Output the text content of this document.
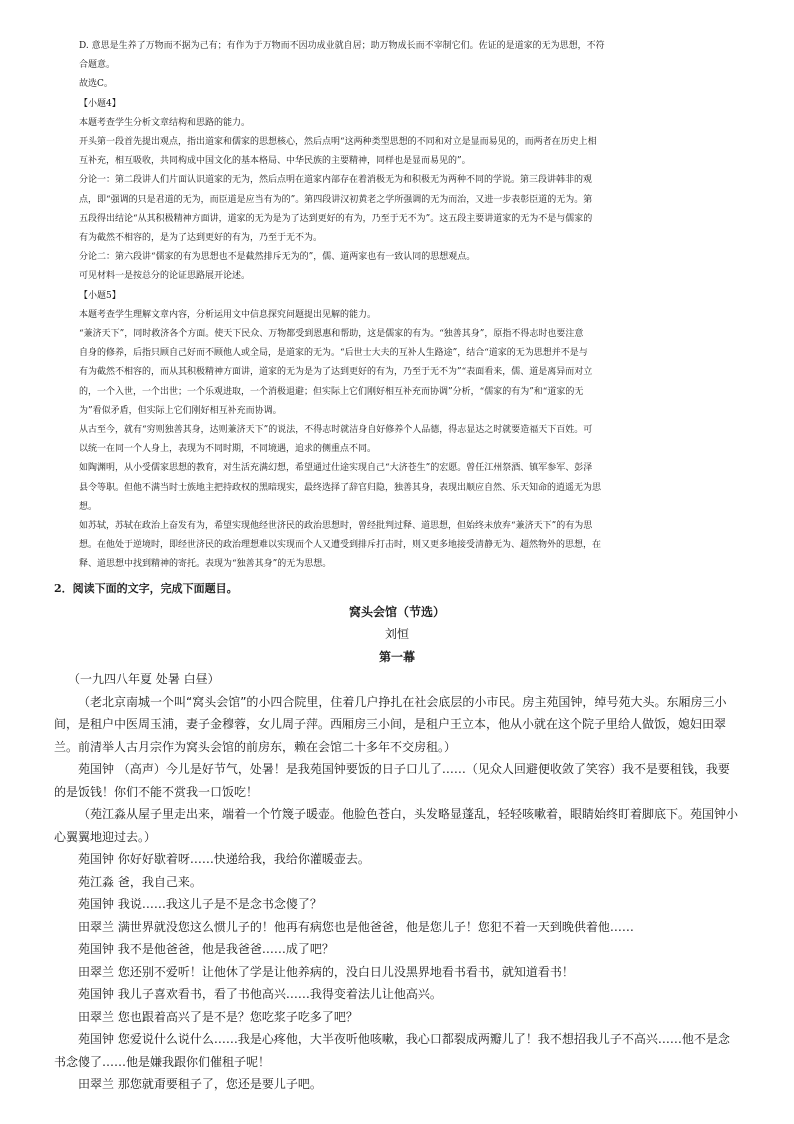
D. 意思是生养了万物而不据为己有；有作为于万物而不因功成业就自居；助万物成长而不宰制它们。佐证的是道家的无为思想，不符

合题意。

故选C。

【小题4】

本题考查学生分析文章结构和思路的能力。

开头第一段首先提出观点，指出道家和儒家的思想核心，然后点明“这两种类型思想的不同和对立是显而易见的，而两者在历史上相

互补充，相互吸收，共同构成中国文化的基本格局、中华民族的主要精神，同样也是显而易见的”。

分论一：第二段讲人们片面认识道家的无为，然后点明在道家内部存在着消极无为和积极无为两种不同的学说。第三段讲韩非的观

点，即“强调的只是君道的无为，而臣道是应当有为的”。第四段讲汉初黄老之学所强调的无为而治，又进一步表彰臣道的无为。第

五段得出结论“从其积极精神方面讲，道家的无为是为了达到更好的有为，乃至于无不为”。这五段主要讲道家的无为不是与儒家的

有为截然不相容的，是为了达到更好的有为，乃至于无不为。

分论二：第六段讲“儒家的有为思想也不是截然排斥无为的”，儒、道两家也有一致认同的思想观点。

可见材料一是按总分的论证思路展开论述。

【小题5】

本题考查学生理解文章内容，分析运用文中信息探究问题提出见解的能力。

“兼济天下”，同时救济各个方面。使天下民众、万物都受到恩惠和帮助，这是儒家的有为。“独善其身”，原指不得志时也要注意

自身的修养，后指只顾自己好而不顾他人或全局，是道家的无为。“后世士大夫的互补人生路途”，结合“道家的无为思想并不是与

有为截然不相容的，而从其积极精神方面讲，道家的无为是为了达到更好的有为，乃至于无不为”“表面看来，儒、道是离异而对立

的，一个入世，一个出世；一个乐观进取，一个消极退避；但实际上它们刚好相互补充而协调”分析，“儒家的有为”和“道家的无

为”看似矛盾，但实际上它们刚好相互补充而协调。

从古至今，就有“穷则独善其身，达则兼济天下”的说法，不得志时就洁身自好修养个人品德，得志显达之时就要造福天下百姓。可

以统一在同一个人身上，表现为不同时期，不同境遇，追求的侧重点不同。

如陶渊明，从小受儒家思想的教育，对生活充满幻想，希望通过仕途实现自己“大济苍生”的宏愿。曾任江州祭酒、镇军参军、彭泽

县令等职。但他不满当时士族地主把持政权的黑暗现实，最终选择了辞官归隐，独善其身，表现出顺应自然、乐天知命的逍遥无为思

想。

如苏轼，苏轼在政治上奋发有为，希望实现他经世济民的政治思想时，曾经批判过释、道思想，但始终未放弃“兼济天下”的有为思

想。在他处于逆境时，即经世济民的政治理想难以实现而个人又遭受到排斥打击时，则又更多地接受清静无为、超然物外的思想，在

释、道思想中找到精神的寄托。表现为“独善其身”的无为思想。

2．阅读下面的文字，完成下面题目。

窝头会馆（节选）

刘恒

第一幕

（一九四八年夏 处暑 白昼）

（老北京南城一个叫“窝头会馆”的小四合院里，住着几户挣扎在社会底层的小市民。房主苑国钟，绰号苑大头。东厢房三小间，是租户中医周玉浦，妻子金穆蓉，女儿周子萍。西厢房三小间，是租户王立本，他从小就在这个院子里给人做饭，媳妇田翠兰。前清举人古月宗作为窝头会馆的前房东，赖在会馆二十多年不交房租。）

苑国钟 （高声）今儿是好节气，处暑！是我苑国钟要饭的日子口儿了……（见众人回避便收敛了笑容）我不是要租钱，我要的是饭钱！你们不能不赏我一口饭吃！

（苑江淼从屋子里走出来，端着一个竹篾子暖壶。他脸色苍白，头发略显蓬乱，轻轻咳嗽着，眼睛始终盯着脚底下。苑国钟小心翼翼地迎过去。）

苑国钟 你好好歇着呀……快递给我，我给你灌暖壶去。

苑江淼 爸，我自己来。

苑国钟 我说……我这儿子是不是念书念傻了？

田翠兰 满世界就没您这么惯儿子的！他再有病您也是他爸爸，他是您儿子！您犯不着一天到晚供着他……

苑国钟 我不是他爸爸，他是我爸爸……成了吧？

田翠兰 您还别不爱听！让他休了学是让他养病的，没白日儿没黑界地看书看书，就知道看书！

苑国钟 我儿子喜欢看书，看了书他高兴……我得变着法儿让他高兴。

田翠兰 您也跟着高兴了是不是？您吃浆子吃多了吧？

苑国钟 您爱说什么说什么……我是心疼他，大半夜听他咳嗽，我心口都裂成两瓣儿了！我不想招我儿子不高兴……他不是念书念傻了……他是嫌我跟你们催租子呢！

田翠兰 那您就甭要租子了，您还是要儿子吧。
